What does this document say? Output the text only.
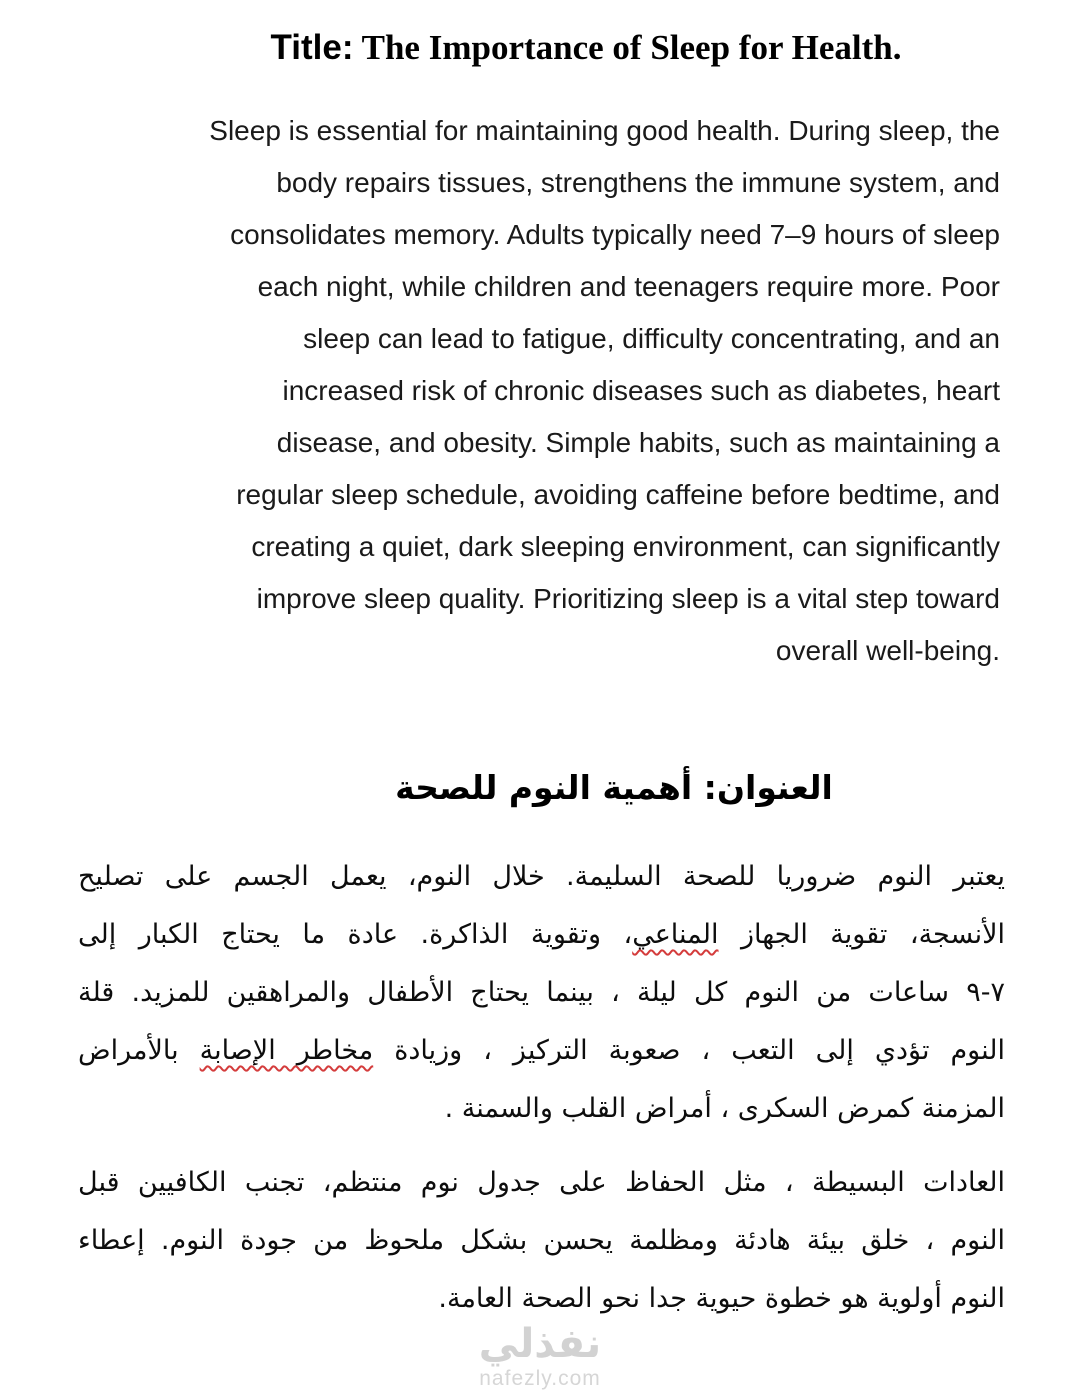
Title: The Importance of Sleep for Health.
Sleep is essential for maintaining good health. During sleep, the
body repairs tissues, strengthens the immune system, and
consolidates memory. Adults typically need 7–9 hours of sleep
each night, while children and teenagers require more. Poor
sleep can lead to fatigue, difficulty concentrating, and an
increased risk of chronic diseases such as diabetes, heart
disease, and obesity. Simple habits, such as maintaining a
regular sleep schedule, avoiding caffeine before bedtime, and
creating a quiet, dark sleeping environment, can significantly
improve sleep quality. Prioritizing sleep is a vital step toward
overall well-being.
العنوان: أهمية النوم للصحة
يعتبر النوم ضروريا للصحة السليمة. خلال النوم، يعمل الجسم على تصليح
الأنسجة، تقوية الجهاز المناعي، وتقوية الذاكرة. عادة ما يحتاج الكبار إلى
٧-٩ ساعات من النوم كل ليلة ، بينما يحتاج الأطفال والمراهقين للمزيد. قلة
النوم تؤدي إلى التعب ، صعوبة التركيز ، وزيادة مخاطر الإصابة بالأمراض
المزمنة كمرض السكرى ، أمراض القلب والسمنة .
العادات البسيطة ، مثل الحفاظ على جدول نوم منتظم، تجنب الكافيين قبل
النوم ، خلق بيئة هادئة ومظلمة يحسن بشكل ملحوظ من جودة النوم. إعطاء
النوم أولوية هو خطوة حيوية جدا نحو الصحة العامة.
نفذلي
nafezly.com
